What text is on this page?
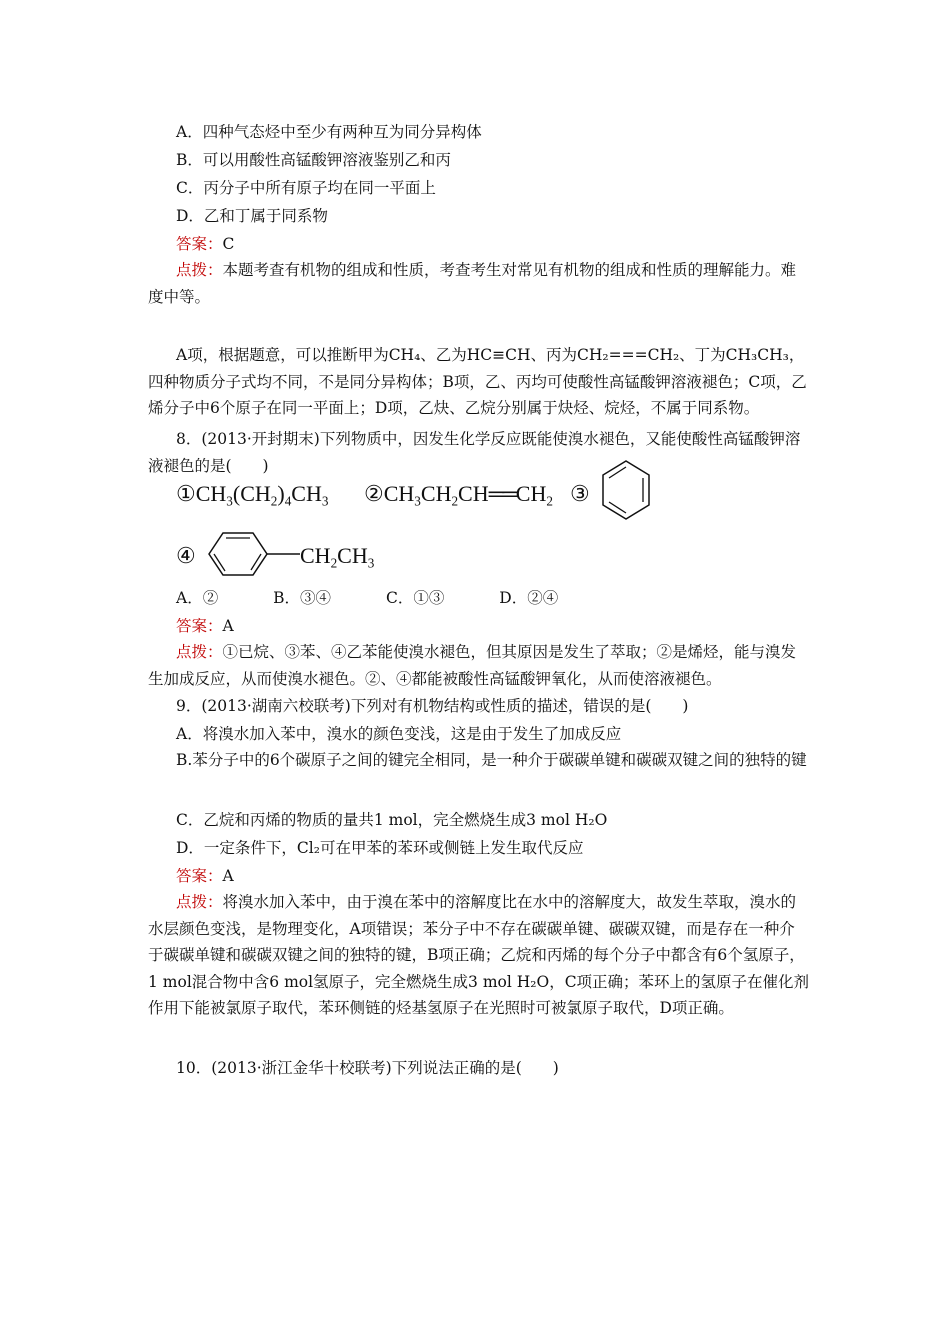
A．四种气态烃中至少有两种互为同分异构体
B．可以用酸性高锰酸钾溶液鉴别乙和丙
C．丙分子中所有原子均在同一平面上
D．乙和丁属于同系物
答案：C
点拨：本题考查有机物的组成和性质，考查考生对常见有机物的组成和性质的理解能力。难度中等。
A项，根据题意，可以推断甲为CH₄、乙为HC≡CH、丙为CH₂===CH₂、丁为CH₃CH₃，四种物质分子式均不同，不是同分异构体；B项，乙、丙均可使酸性高锰酸钾溶液褪色；C项，乙烯分子中6个原子在同一平面上；D项，乙炔、乙烷分别属于炔烃、烷烃，不属于同系物。
8．(2013·开封期末)下列物质中，因发生化学反应既能使溴水褪色，又能使酸性高锰酸钾溶液褪色的是(　　)
$①CH_3(CH_2)_4CH_3$ $②CH_3CH_2CH══CH_2$ ③
④	$CH_2CH_3$
A．②	B．③④	C．①③	D．②④
答案：A
点拨：①已烷、③苯、④乙苯能使溴水褪色，但其原因是发生了萃取；②是烯烃，能与溴发生加成反应，从而使溴水褪色。②、④都能被酸性高锰酸钾氧化，从而使溶液褪色。
9．(2013·湖南六校联考)下列对有机物结构或性质的描述，错误的是(　　)
A．将溴水加入苯中，溴水的颜色变浅，这是由于发生了加成反应
B.苯分子中的6个碳原子之间的键完全相同，是一种介于碳碳单键和碳碳双键之间的独特的键
C．乙烷和丙烯的物质的量共1 mol，完全燃烧生成3 mol H₂O
D．一定条件下，Cl₂可在甲苯的苯环或侧链上发生取代反应
答案：A
点拨：将溴水加入苯中，由于溴在苯中的溶解度比在水中的溶解度大，故发生萃取，溴水的水层颜色变浅，是物理变化，A项错误；苯分子中不存在碳碳单键、碳碳双键，而是存在一种介于碳碳单键和碳碳双键之间的独特的键，B项正确；乙烷和丙烯的每个分子中都含有6个氢原子，1 mol混合物中含6 mol氢原子，完全燃烧生成3 mol H₂O，C项正确；苯环上的氢原子在催化剂作用下能被氯原子取代，苯环侧链的烃基氢原子在光照时可被氯原子取代，D项正确。
10．(2013·浙江金华十校联考)下列说法正确的是(　　)
